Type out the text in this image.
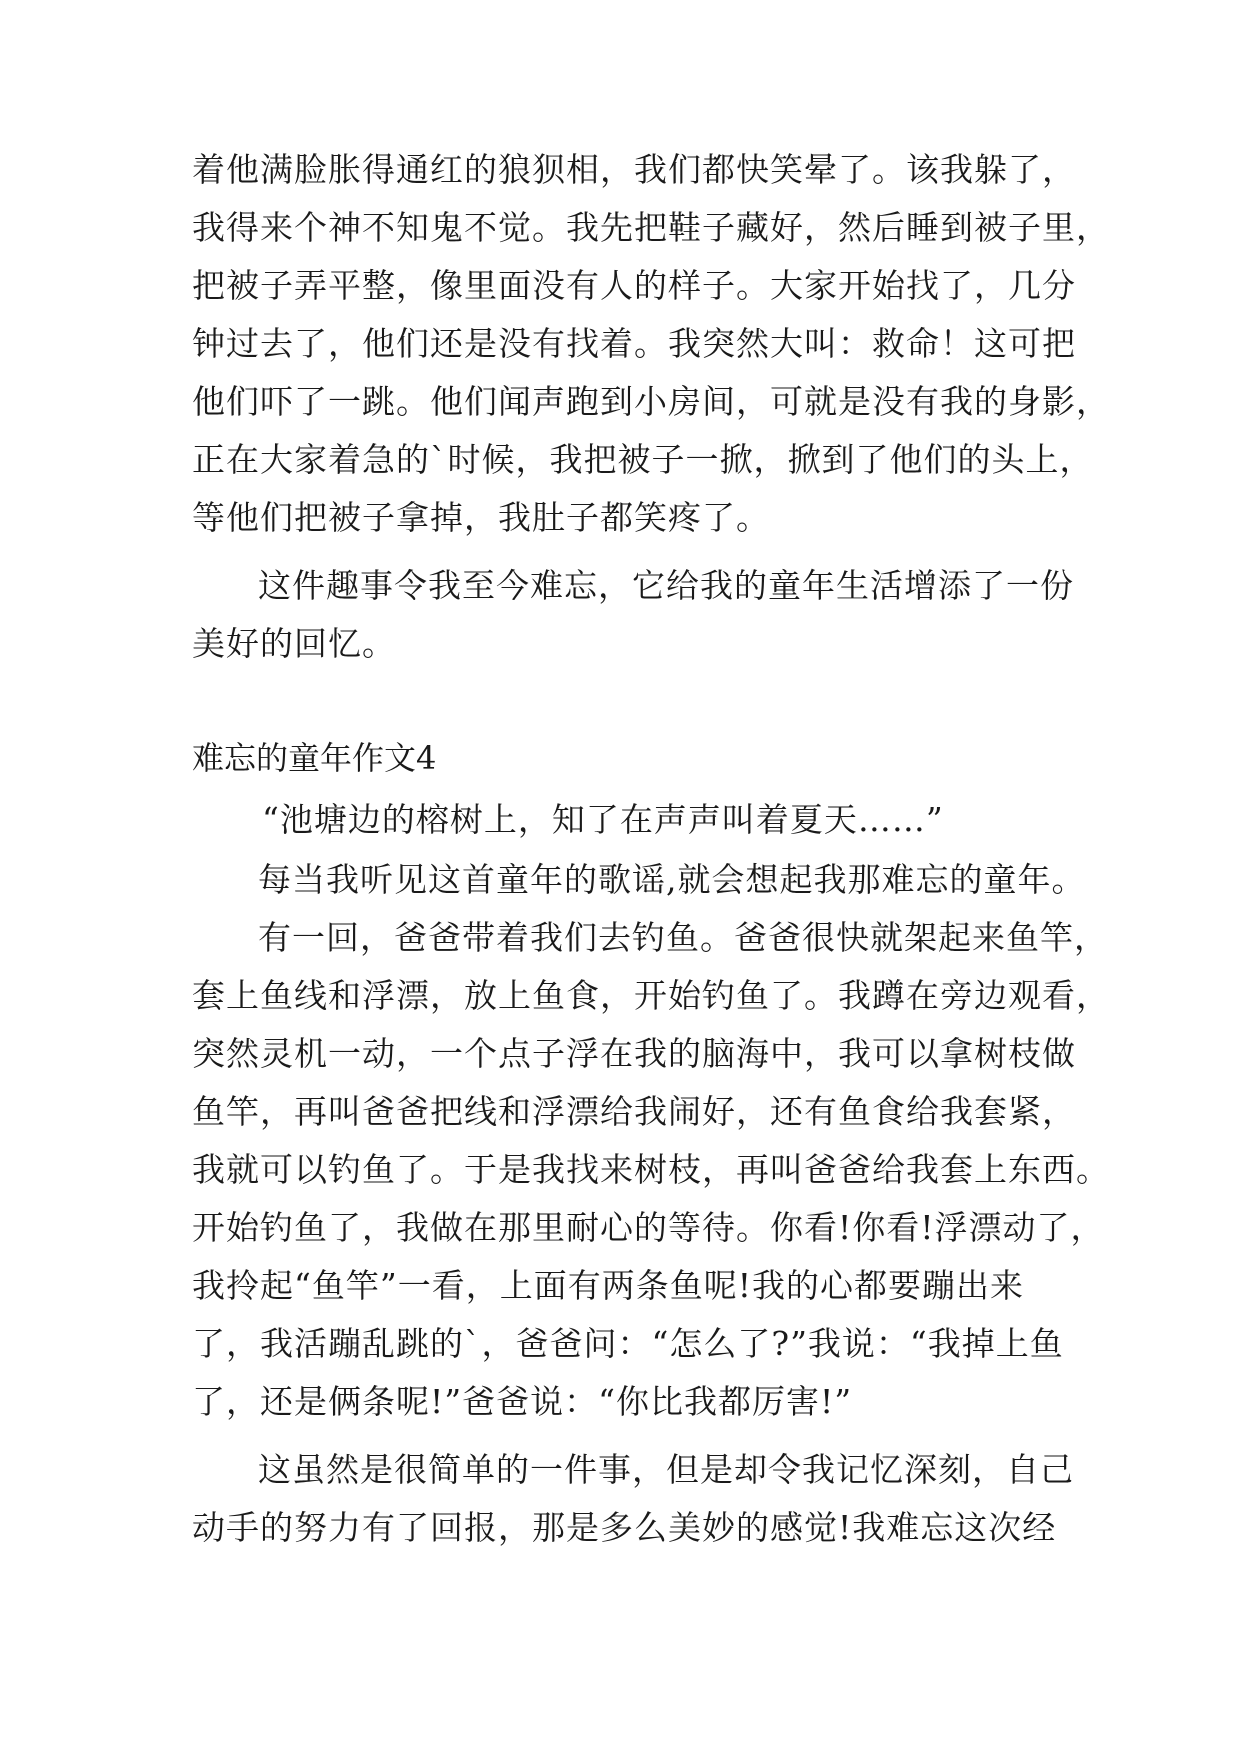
着他满脸胀得通红的狼狈相，我们都快笑晕了。该我躲了，
我得来个神不知鬼不觉。我先把鞋子藏好，然后睡到被子里，
把被子弄平整，像里面没有人的样子。大家开始找了，几分
钟过去了，他们还是没有找着。我突然大叫：救命！这可把
他们吓了一跳。他们闻声跑到小房间，可就是没有我的身影，
正在大家着急的`时候，我把被子一掀，掀到了他们的头上，
等他们把被子拿掉，我肚子都笑疼了。
这件趣事令我至今难忘，它给我的童年生活增添了一份
美好的回忆。
难忘的童年作文4
“池塘边的榕树上，知了在声声叫着夏天……”
每当我听见这首童年的歌谣,就会想起我那难忘的童年。
有一回，爸爸带着我们去钓鱼。爸爸很快就架起来鱼竿，
套上鱼线和浮漂，放上鱼食，开始钓鱼了。我蹲在旁边观看，
突然灵机一动，一个点子浮在我的脑海中，我可以拿树枝做
鱼竿，再叫爸爸把线和浮漂给我闹好，还有鱼食给我套紧，
我就可以钓鱼了。于是我找来树枝，再叫爸爸给我套上东西。
开始钓鱼了，我做在那里耐心的等待。你看!你看!浮漂动了，
我拎起“鱼竿”一看，上面有两条鱼呢!我的心都要蹦出来
了，我活蹦乱跳的`，爸爸问：“怎么了?”我说：“我掉上鱼
了，还是俩条呢!”爸爸说：“你比我都厉害!”
这虽然是很简单的一件事，但是却令我记忆深刻，自己
动手的努力有了回报，那是多么美妙的感觉!我难忘这次经
